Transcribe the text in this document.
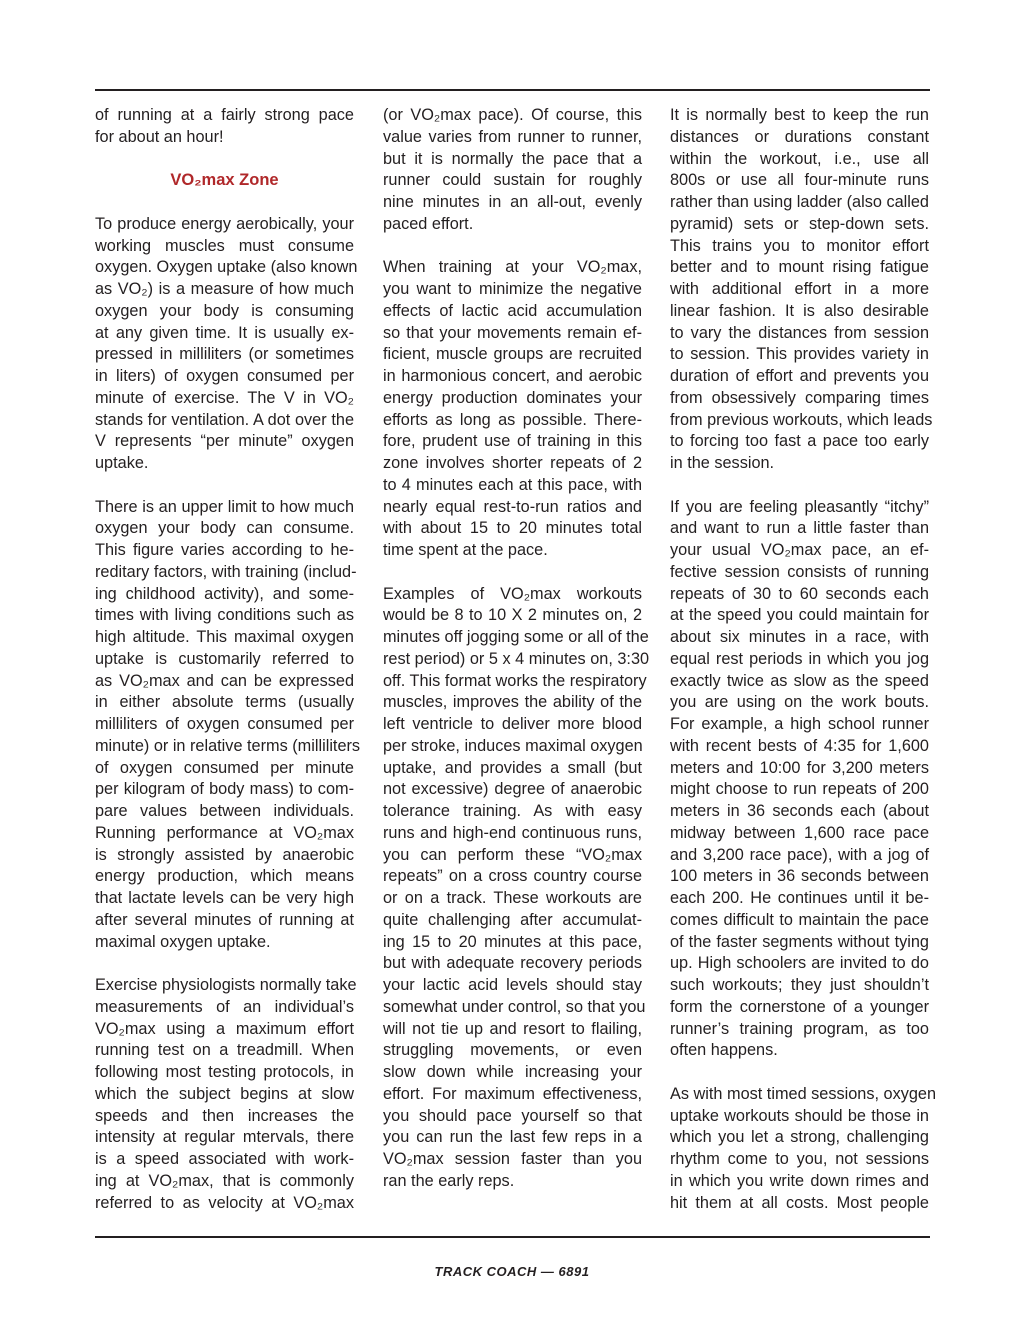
of running at a fairly strong pace
for about an hour!
VO₂max Zone
To produce energy aerobically, your
working muscles must consume
oxygen. Oxygen uptake (also known
as VO₂) is a measure of how much
oxygen your body is consuming
at any given time. It is usually ex-
pressed in milliliters (or sometimes
in liters) of oxygen consumed per
minute of exercise. The V in VO₂
stands for ventilation. A dot over the
V represents “per minute” oxygen
uptake.
There is an upper limit to how much
oxygen your body can consume.
This figure varies according to he-
reditary factors, with training (includ-
ing childhood activity), and some-
times with living conditions such as
high altitude. This maximal oxygen
uptake is customarily referred to
as VO₂max and can be expressed
in either absolute terms (usually
milliliters of oxygen consumed per
minute) or in relative terms (milliliters
of oxygen consumed per minute
per kilogram of body mass) to com-
pare values between individuals.
Running performance at VO₂max
is strongly assisted by anaerobic
energy production, which means
that lactate levels can be very high
after several minutes of running at
maximal oxygen uptake.
Exercise physiologists normally take
measurements of an individual’s
VO₂max using a maximum effort
running test on a treadmill. When
following most testing protocols, in
which the subject begins at slow
speeds and then increases the
intensity at regular mtervals, there
is a speed associated with work-
ing at VO₂max, that is commonly
referred to as velocity at VO₂max
(or VO₂max pace). Of course, this
value varies from runner to runner,
but it is normally the pace that a
runner could sustain for roughly
nine minutes in an all-out, evenly
paced effort.
When training at your VO₂max,
you want to minimize the negative
effects of lactic acid accumulation
so that your movements remain ef-
ficient, muscle groups are recruited
in harmonious concert, and aerobic
energy production dominates your
efforts as long as possible. There-
fore, prudent use of training in this
zone involves shorter repeats of 2
to 4 minutes each at this pace, with
nearly equal rest-to-run ratios and
with about 15 to 20 minutes total
time spent at the pace.
Examples of VO₂max workouts
would be 8 to 10 X 2 minutes on, 2
minutes off jogging some or all of the
rest period) or 5 x 4 minutes on, 3:30
off. This format works the respiratory
muscles, improves the ability of the
left ventricle to deliver more blood
per stroke, induces maximal oxygen
uptake, and provides a small (but
not excessive) degree of anaerobic
tolerance training. As with easy
runs and high-end continuous runs,
you can perform these “VO₂max
repeats” on a cross country course
or on a track. These workouts are
quite challenging after accumulat-
ing 15 to 20 minutes at this pace,
but with adequate recovery periods
your lactic acid levels should stay
somewhat under control, so that you
will not tie up and resort to flailing,
struggling movements, or even
slow down while increasing your
effort. For maximum effectiveness,
you should pace yourself so that
you can run the last few reps in a
VO₂max session faster than you
ran the early reps.
It is normally best to keep the run
distances or durations constant
within the workout, i.e., use all
800s or use all four-minute runs
rather than using ladder (also called
pyramid) sets or step-down sets.
This trains you to monitor effort
better and to mount rising fatigue
with additional effort in a more
linear fashion. It is also desirable
to vary the distances from session
to session. This provides variety in
duration of effort and prevents you
from obsessively comparing times
from previous workouts, which leads
to forcing too fast a pace too early
in the session.
If you are feeling pleasantly “itchy”
and want to run a little faster than
your usual VO₂max pace, an ef-
fective session consists of running
repeats of 30 to 60 seconds each
at the speed you could maintain for
about six minutes in a race, with
equal rest periods in which you jog
exactly twice as slow as the speed
you are using on the work bouts.
For example, a high school runner
with recent bests of 4:35 for 1,600
meters and 10:00 for 3,200 meters
might choose to run repeats of 200
meters in 36 seconds each (about
midway between 1,600 race pace
and 3,200 race pace), with a jog of
100 meters in 36 seconds between
each 200. He continues until it be-
comes difficult to maintain the pace
of the faster segments without tying
up. High schoolers are invited to do
such workouts; they just shouldn’t
form the cornerstone of a younger
runner’s training program, as too
often happens.
As with most timed sessions, oxygen
uptake workouts should be those in
which you let a strong, challenging
rhythm come to you, not sessions
in which you write down rimes and
hit them at all costs. Most people
TRACK COACH — 6891
